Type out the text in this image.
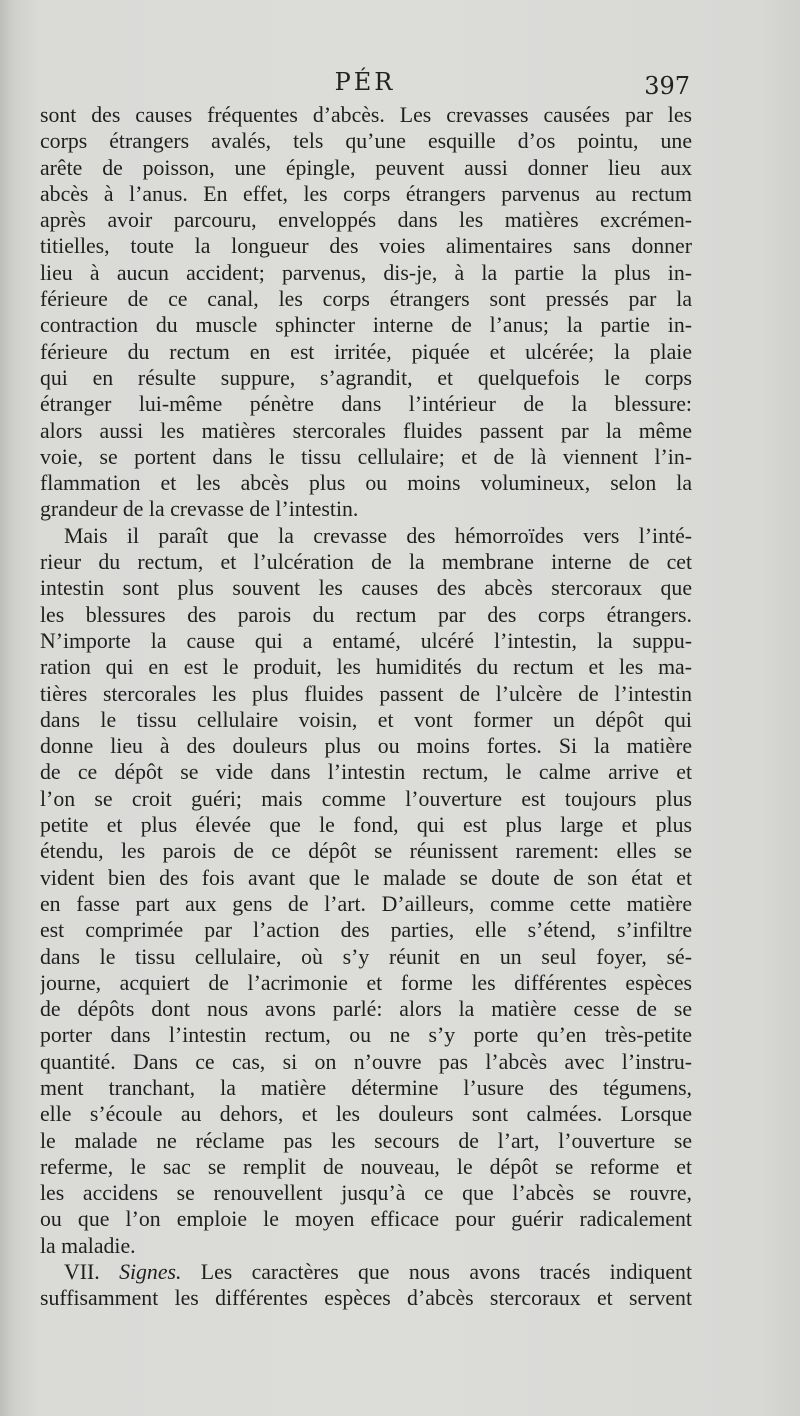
PÉR	397
sont des causes fréquentes d’abcès. Les crevasses causées par les
corps étrangers avalés, tels qu’une esquille d’os pointu, une
arête de poisson, une épingle, peuvent aussi donner lieu aux
abcès à l’anus. En effet, les corps étrangers parvenus au rectum
après avoir parcouru, enveloppés dans les matières excrémen-
titielles, toute la longueur des voies alimentaires sans donner
lieu à aucun accident; parvenus, dis-je, à la partie la plus in-
férieure de ce canal, les corps étrangers sont pressés par la
contraction du muscle sphincter interne de l’anus; la partie in-
férieure du rectum en est irritée, piquée et ulcérée; la plaie
qui en résulte suppure, s’agrandit, et quelquefois le corps
étranger lui-même pénètre dans l’intérieur de la blessure:
alors aussi les matières stercorales fluides passent par la même
voie, se portent dans le tissu cellulaire; et de là viennent l’in-
flammation et les abcès plus ou moins volumineux, selon la
grandeur de la crevasse de l’intestin.
Mais il paraît que la crevasse des hémorroïdes vers l’inté-
rieur du rectum, et l’ulcération de la membrane interne de cet
intestin sont plus souvent les causes des abcès stercoraux que
les blessures des parois du rectum par des corps étrangers.
N’importe la cause qui a entamé, ulcéré l’intestin, la suppu-
ration qui en est le produit, les humidités du rectum et les ma-
tières stercorales les plus fluides passent de l’ulcère de l’intestin
dans le tissu cellulaire voisin, et vont former un dépôt qui
donne lieu à des douleurs plus ou moins fortes. Si la matière
de ce dépôt se vide dans l’intestin rectum, le calme arrive et
l’on se croit guéri; mais comme l’ouverture est toujours plus
petite et plus élevée que le fond, qui est plus large et plus
étendu, les parois de ce dépôt se réunissent rarement: elles se
vident bien des fois avant que le malade se doute de son état et
en fasse part aux gens de l’art. D’ailleurs, comme cette matière
est comprimée par l’action des parties, elle s’étend, s’infiltre
dans le tissu cellulaire, où s’y réunit en un seul foyer, sé-
journe, acquiert de l’acrimonie et forme les différentes espèces
de dépôts dont nous avons parlé: alors la matière cesse de se
porter dans l’intestin rectum, ou ne s’y porte qu’en très-petite
quantité. Dans ce cas, si on n’ouvre pas l’abcès avec l’instru-
ment tranchant, la matière détermine l’usure des tégumens,
elle s’écoule au dehors, et les douleurs sont calmées. Lorsque
le malade ne réclame pas les secours de l’art, l’ouverture se
referme, le sac se remplit de nouveau, le dépôt se reforme et
les accidens se renouvellent jusqu’à ce que l’abcès se rouvre,
ou que l’on emploie le moyen efficace pour guérir radicalement
la maladie.
VII. Signes. Les caractères que nous avons tracés indiquent
suffisamment les différentes espèces d’abcès stercoraux et servent
